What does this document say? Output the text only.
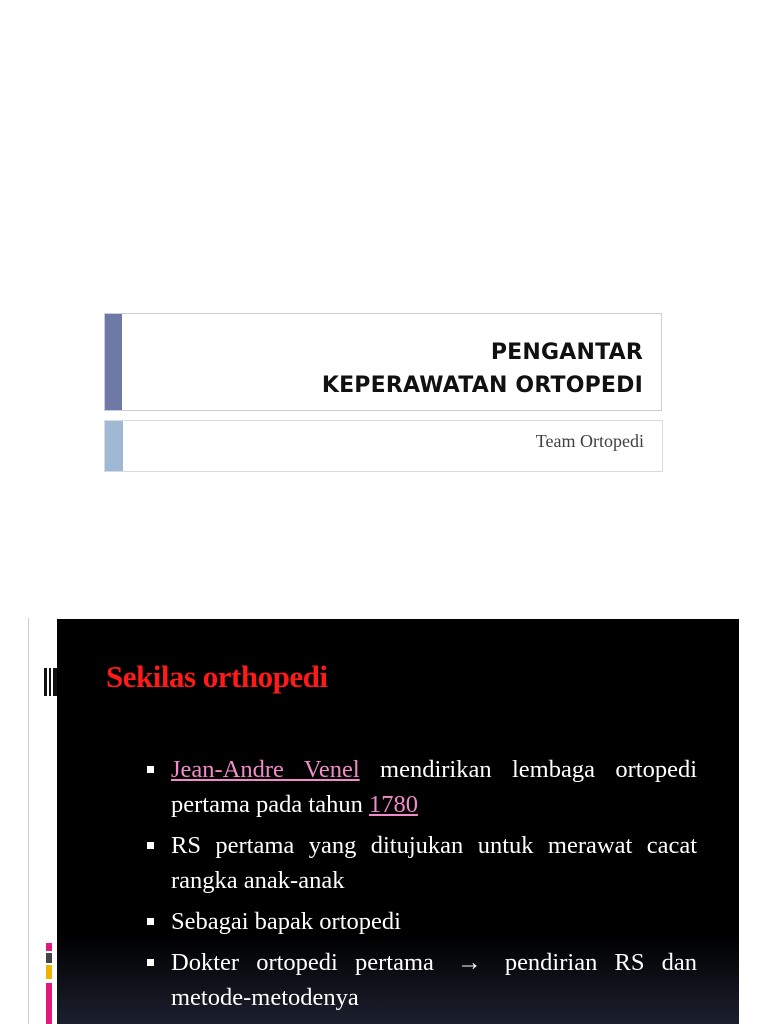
PENGANTAR
KEPERAWATAN ORTOPEDI
Team Ortopedi
Sekilas orthopedi
Jean-Andre Venel mendirikan lembaga ortopedi pertama pada tahun 1780
RS pertama yang ditujukan untuk merawat cacat rangka anak-anak
Sebagai bapak ortopedi
Dokter ortopedi pertama → pendirian RS dan metode-metodenya
